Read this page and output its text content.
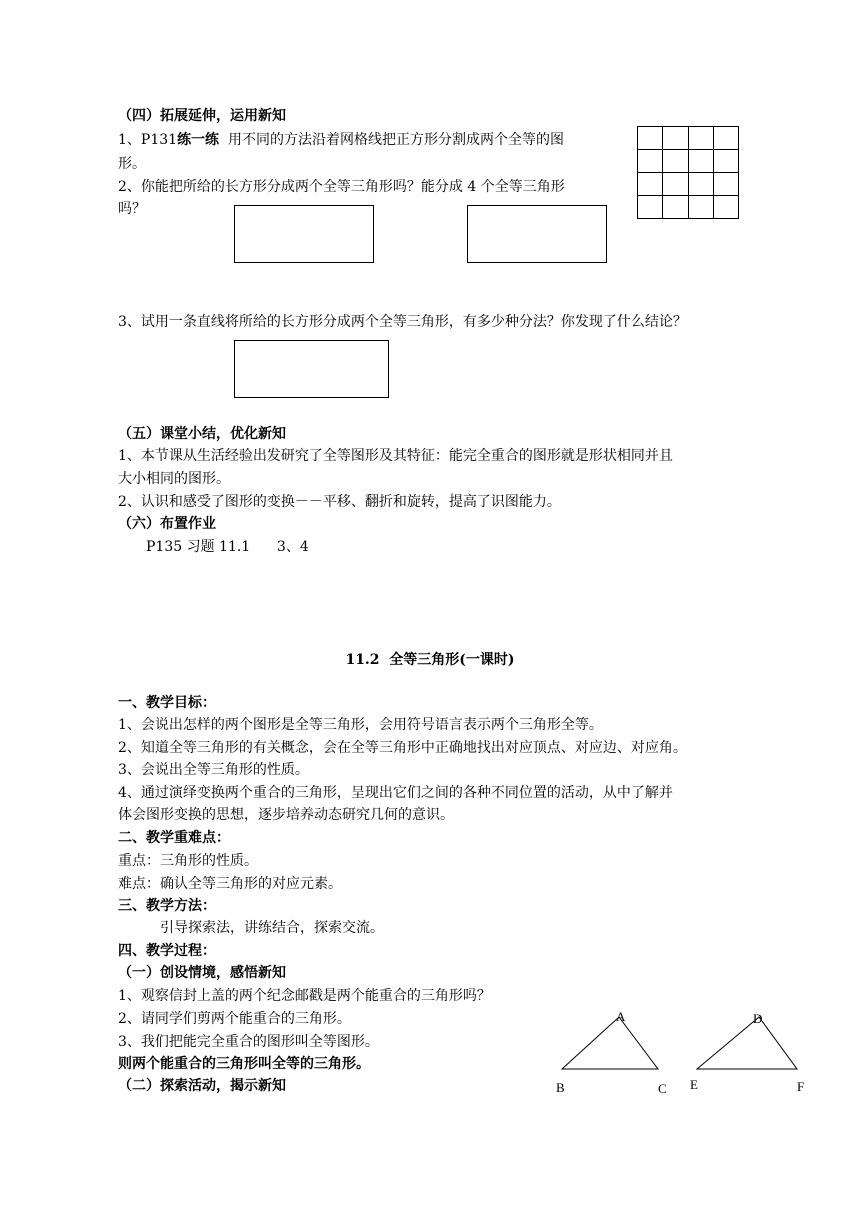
（四）拓展延伸，运用新知
1、P131练一练  用不同的方法沿着网格线把正方形分割成两个全等的图
形。
2、你能把所给的长方形分成两个全等三角形吗？能分成 4 个全等三角形
吗？
3、试用一条直线将所给的长方形分成两个全等三角形，有多少种分法？你发现了什么结论？
（五）课堂小结，优化新知
1、本节课从生活经验出发研究了全等图形及其特征：能完全重合的图形就是形状相同并且
大小相同的图形。
2、认识和感受了图形的变换－－平移、翻折和旋转，提高了识图能力。
（六）布置作业
P135 习题 11.1      3、4
11.2  全等三角形(一课时)
一、教学目标：
1、会说出怎样的两个图形是全等三角形，会用符号语言表示两个三角形全等。
2、知道全等三角形的有关概念，会在全等三角形中正确地找出对应顶点、对应边、对应角。
3、会说出全等三角形的性质。
4、通过演绎变换两个重合的三角形，呈现出它们之间的各种不同位置的活动，从中了解并
体会图形变换的思想，逐步培养动态研究几何的意识。
二、教学重难点：
重点：三角形的性质。
难点：确认全等三角形的对应元素。
三、教学方法：
引导探索法，讲练结合，探索交流。
四、教学过程：
（一）创设情境，感悟新知
1、观察信封上盖的两个纪念邮戳是两个能重合的三角形吗？
2、请同学们剪两个能重合的三角形。
3、我们把能完全重合的图形叫全等图形。
则两个能重合的三角形叫全等的三角形。
（二）探索活动，揭示新知
A
B	C
D
E	F
